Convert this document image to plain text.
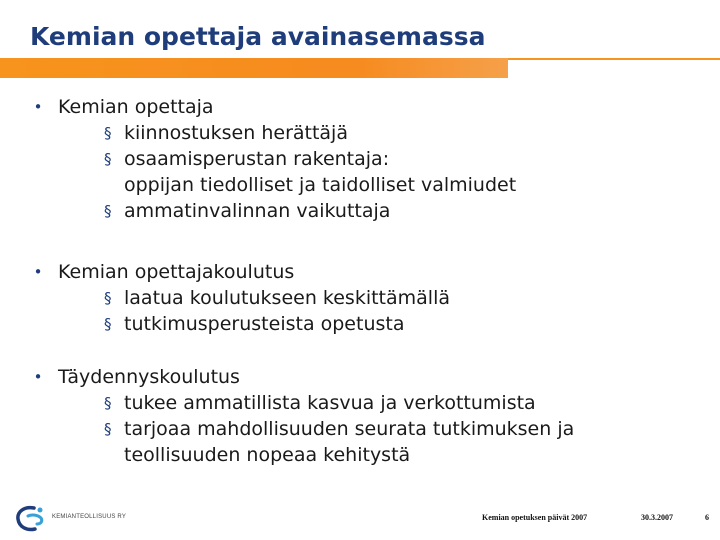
Kemian opettaja avainasemassa
• Kemian opettaja
§ kiinnostuksen herättäjä
§ osaamisperustan rakentaja:
oppijan tiedolliset ja taidolliset valmiudet
§ ammatinvalinnan vaikuttaja
• Kemian opettajakoulutus
§ laatua koulutukseen keskittämällä
§ tutkimusperusteista opetusta
• Täydennyskoulutus
§ tukee ammatillista kasvua ja verkottumista
§ tarjoaa mahdollisuuden seurata tutkimuksen ja
teollisuuden nopeaa kehitystä
KEMIANTEOLLISUUS RY	Kemian opetuksen päivät 2007	30.3.2007	6
